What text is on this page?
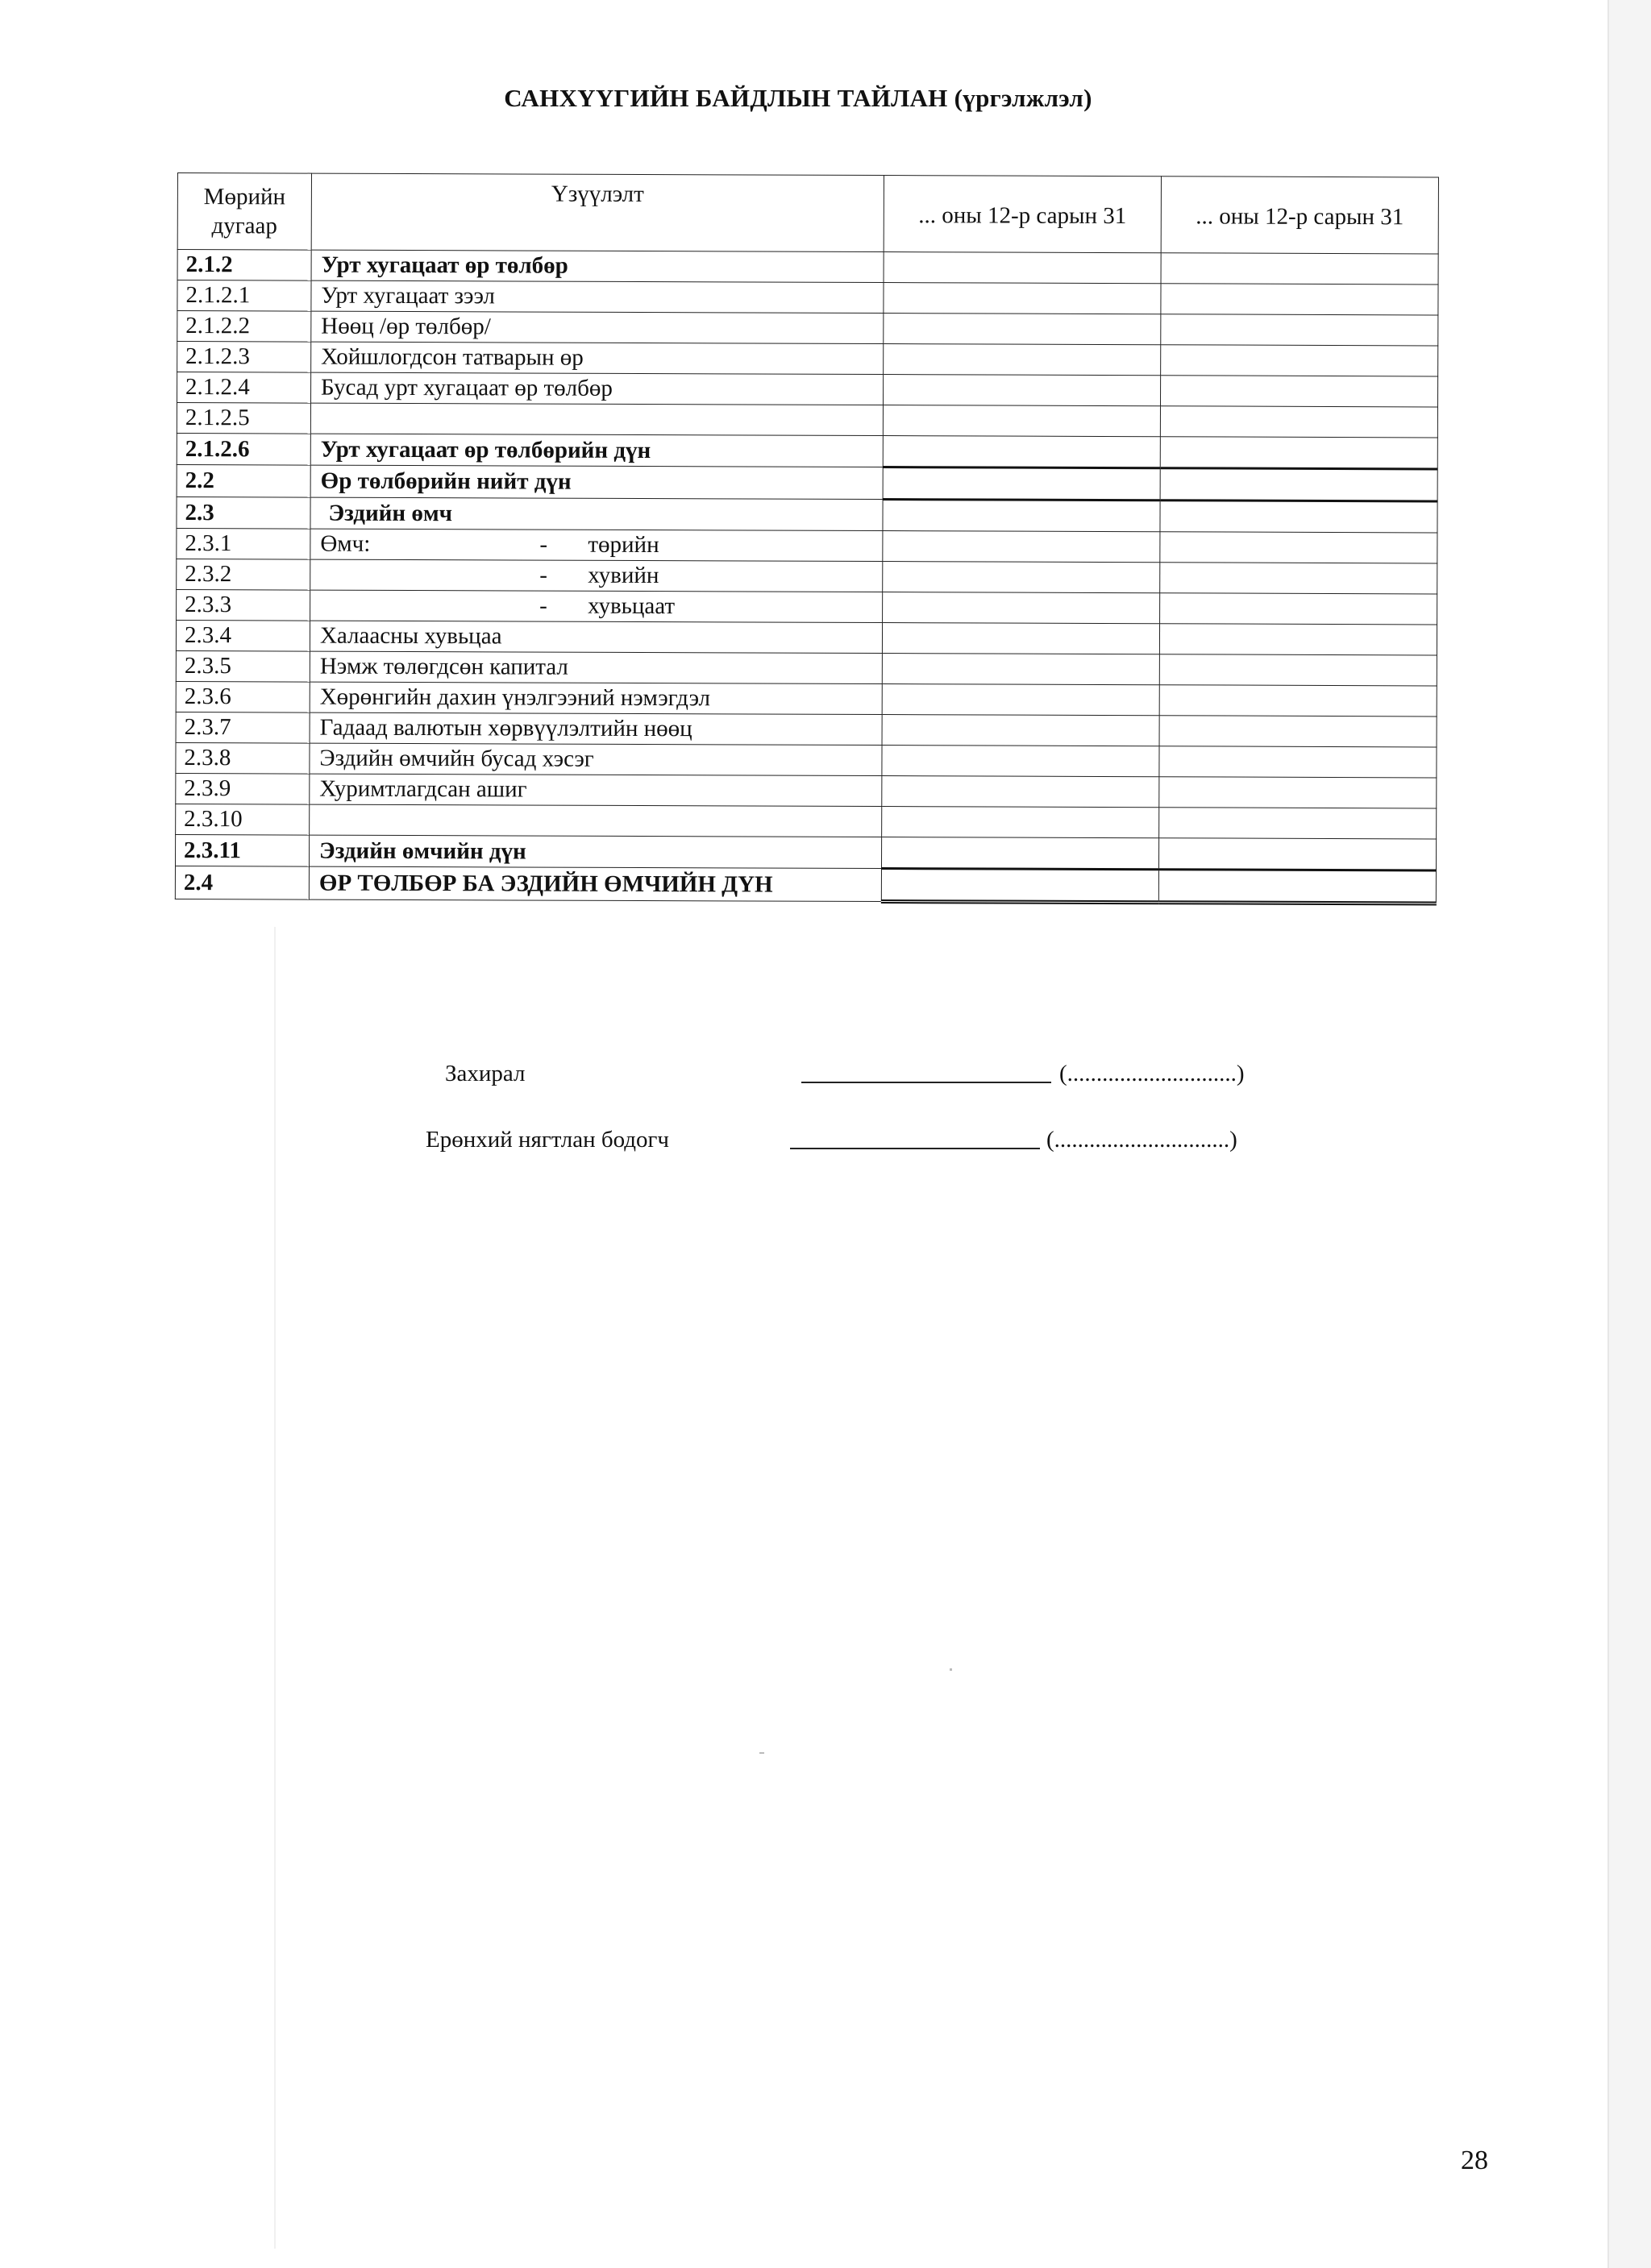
САНХҮҮГИЙН БАЙДЛЫН ТАЙЛАН (үргэлжлэл)
Мөрийн дугаар	Үзүүлэлт	... оны 12-р сарын 31	... оны 12-р сарын 31
2.1.2	Урт хугацаат өр төлбөр		
2.1.2.1	Урт хугацаат зээл		
2.1.2.2	Нөөц /өр төлбөр/		
2.1.2.3	Хойшлогдсон татварын өр		
2.1.2.4	Бусад урт хугацаат өр төлбөр		
2.1.2.5			
2.1.2.6	Урт хугацаат өр төлбөрийн дүн		
2.2	Өр төлбөрийн нийт дүн		
2.3	Эздийн өмч		
2.3.1	Өмч: - төрийн		

2.3.2	- хувийн		

2.3.3	- хувьцаат		

2.3.4	Халаасны хувьцаа		
2.3.5	Нэмж төлөгдсөн капитал		
2.3.6	Хөрөнгийн дахин үнэлгээний нэмэгдэл		
2.3.7	Гадаад валютын хөрвүүлэлтийн нөөц		
2.3.8	Эздийн өмчийн бусад хэсэг		
2.3.9	Хуримтлагдсан ашиг		
2.3.10			
2.3.11	Эздийн өмчийн дүн		
2.4	ӨР ТӨЛБӨР БА ЭЗДИЙН ӨМЧИЙН ДҮН		
Захирал	(.............................)
Ерөнхий нягтлан бодогч	(..............................)
28
